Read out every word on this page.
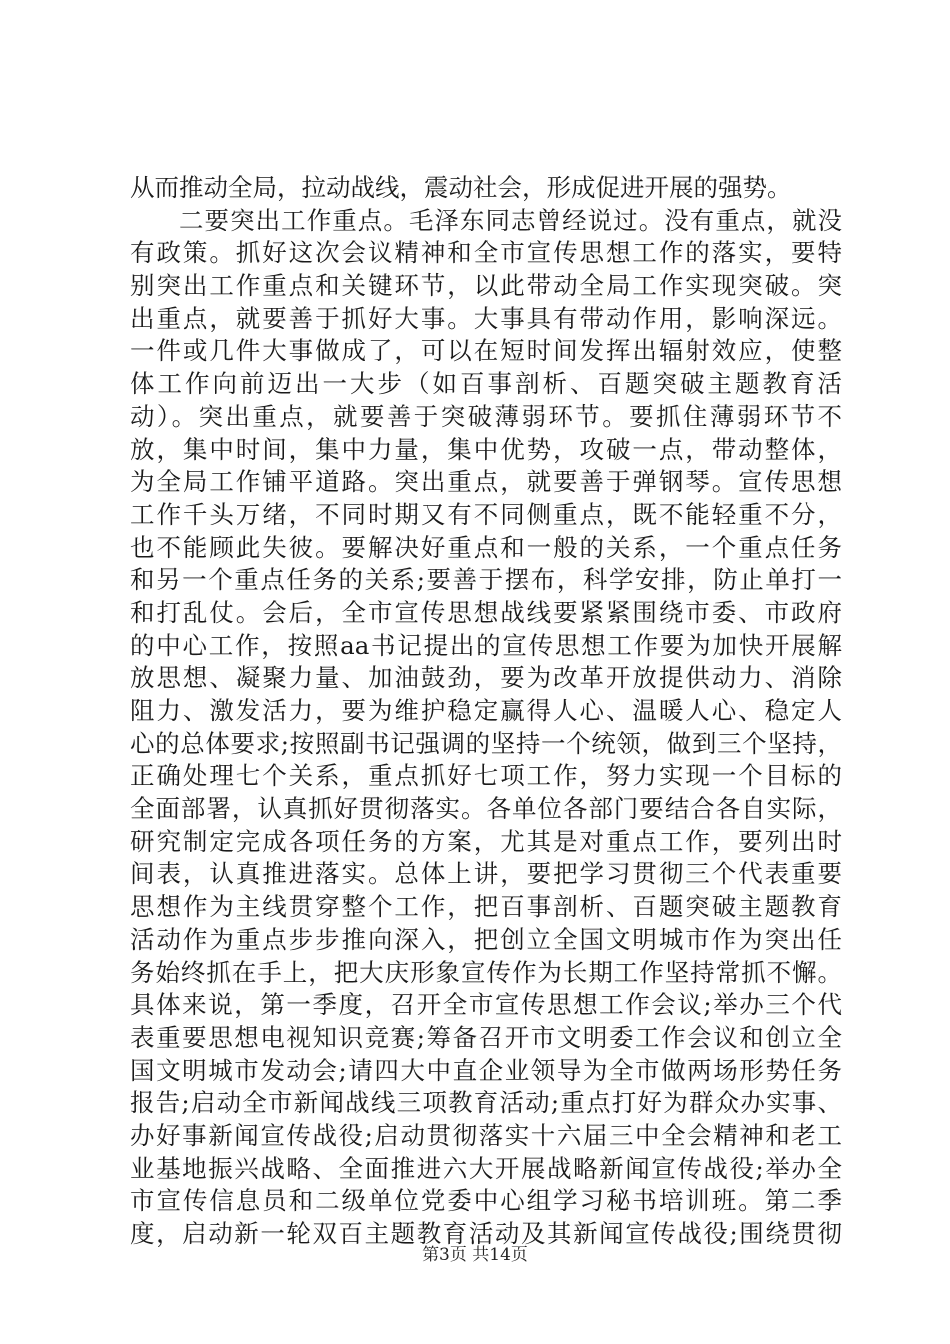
从而推动全局，拉动战线，震动社会，形成促进开展的强势。
二要突出工作重点。毛泽东同志曾经说过。没有重点，就没
有政策。抓好这次会议精神和全市宣传思想工作的落实，要特
别突出工作重点和关键环节，以此带动全局工作实现突破。突
出重点，就要善于抓好大事。大事具有带动作用，影响深远。
一件或几件大事做成了，可以在短时间发挥出辐射效应，使整
体工作向前迈出一大步（如百事剖析、百题突破主题教育活
动）。突出重点，就要善于突破薄弱环节。要抓住薄弱环节不
放，集中时间，集中力量，集中优势，攻破一点，带动整体，
为全局工作铺平道路。突出重点，就要善于弹钢琴。宣传思想
工作千头万绪，不同时期又有不同侧重点，既不能轻重不分，
也不能顾此失彼。要解决好重点和一般的关系，一个重点任务
和另一个重点任务的关系;要善于摆布，科学安排，防止单打一
和打乱仗。会后，全市宣传思想战线要紧紧围绕市委、市政府
的中心工作，按照aa书记提出的宣传思想工作要为加快开展解
放思想、凝聚力量、加油鼓劲，要为改革开放提供动力、消除
阻力、激发活力，要为维护稳定赢得人心、温暖人心、稳定人
心的总体要求;按照副书记强调的坚持一个统领，做到三个坚持，
正确处理七个关系，重点抓好七项工作，努力实现一个目标的
全面部署，认真抓好贯彻落实。各单位各部门要结合各自实际，
研究制定完成各项任务的方案，尤其是对重点工作，要列出时
间表，认真推进落实。总体上讲，要把学习贯彻三个代表重要
思想作为主线贯穿整个工作，把百事剖析、百题突破主题教育
活动作为重点步步推向深入，把创立全国文明城市作为突出任
务始终抓在手上，把大庆形象宣传作为长期工作坚持常抓不懈。
具体来说，第一季度，召开全市宣传思想工作会议;举办三个代
表重要思想电视知识竞赛;筹备召开市文明委工作会议和创立全
国文明城市发动会;请四大中直企业领导为全市做两场形势任务
报告;启动全市新闻战线三项教育活动;重点打好为群众办实事、
办好事新闻宣传战役;启动贯彻落实十六届三中全会精神和老工
业基地振兴战略、全面推进六大开展战略新闻宣传战役;举办全
市宣传信息员和二级单位党委中心组学习秘书培训班。第二季
度，启动新一轮双百主题教育活动及其新闻宣传战役;围绕贯彻
第3页 共14页
